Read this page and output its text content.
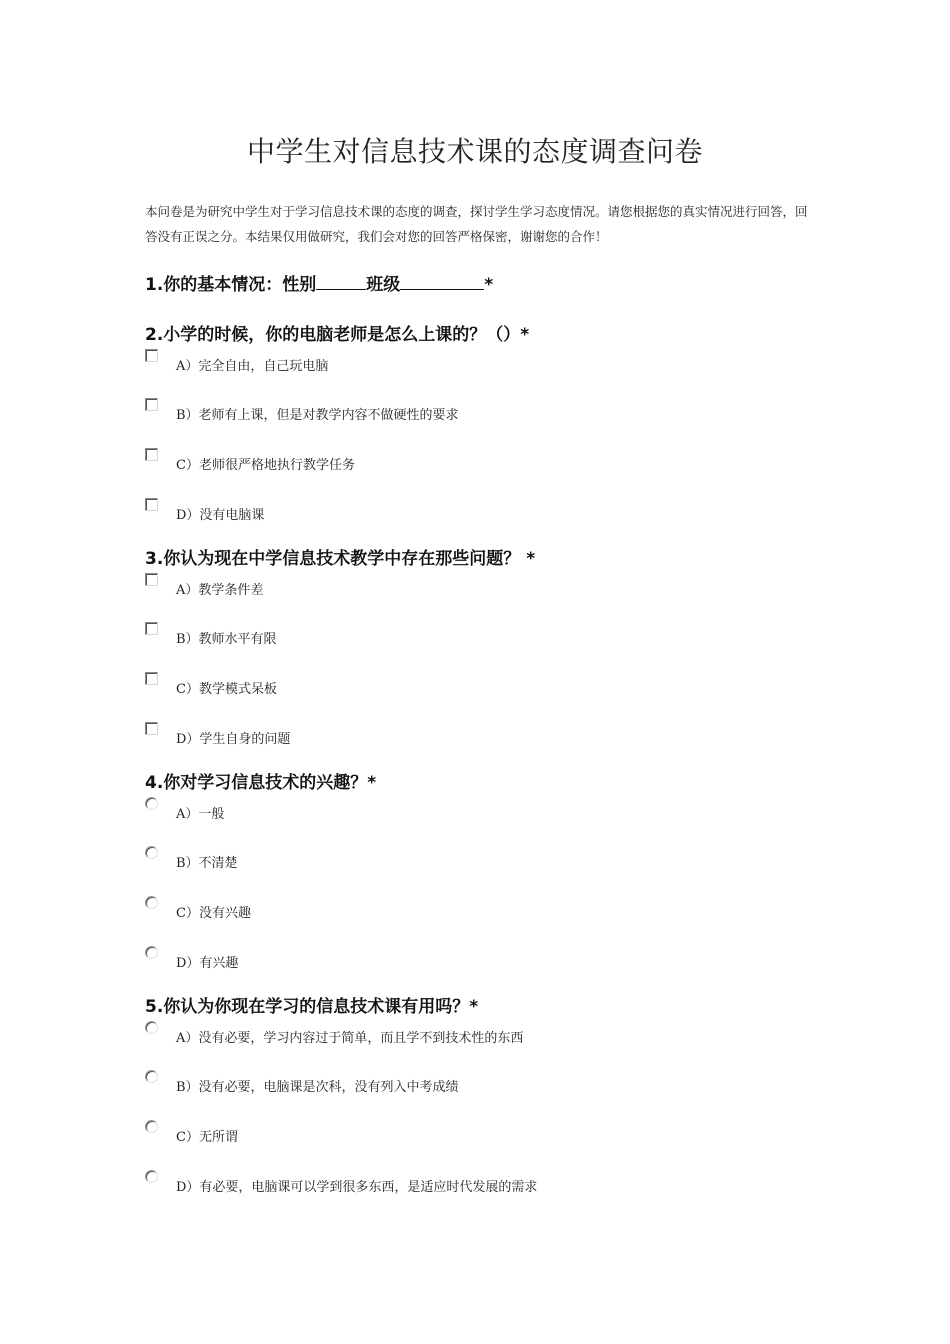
中学生对信息技术课的态度调查问卷

本问卷是为研究中学生对于学习信息技术课的态度的调查，探讨学生学习态度情况。请您根据您的真实情况进行回答，回答没有正误之分。本结果仅用做研究，我们会对您的回答严格保密，谢谢您的合作！

1.你的基本情况：性别	班级	*
2.小学的时候，你的电脑老师是怎么上课的？（）*
A）完全自由，自己玩电脑
B）老师有上课，但是对教学内容不做硬性的要求
C）老师很严格地执行教学任务
D）没有电脑课
3.你认为现在中学信息技术教学中存在那些问题？ *
A）教学条件差
B）教师水平有限
C）教学模式呆板
D）学生自身的问题
4.你对学习信息技术的兴趣？*
A）一般
B）不清楚
C）没有兴趣
D）有兴趣
5.你认为你现在学习的信息技术课有用吗？*
A）没有必要，学习内容过于简单，而且学不到技术性的东西
B）没有必要，电脑课是次科，没有列入中考成绩
C）无所谓
D）有必要，电脑课可以学到很多东西，是适应时代发展的需求
